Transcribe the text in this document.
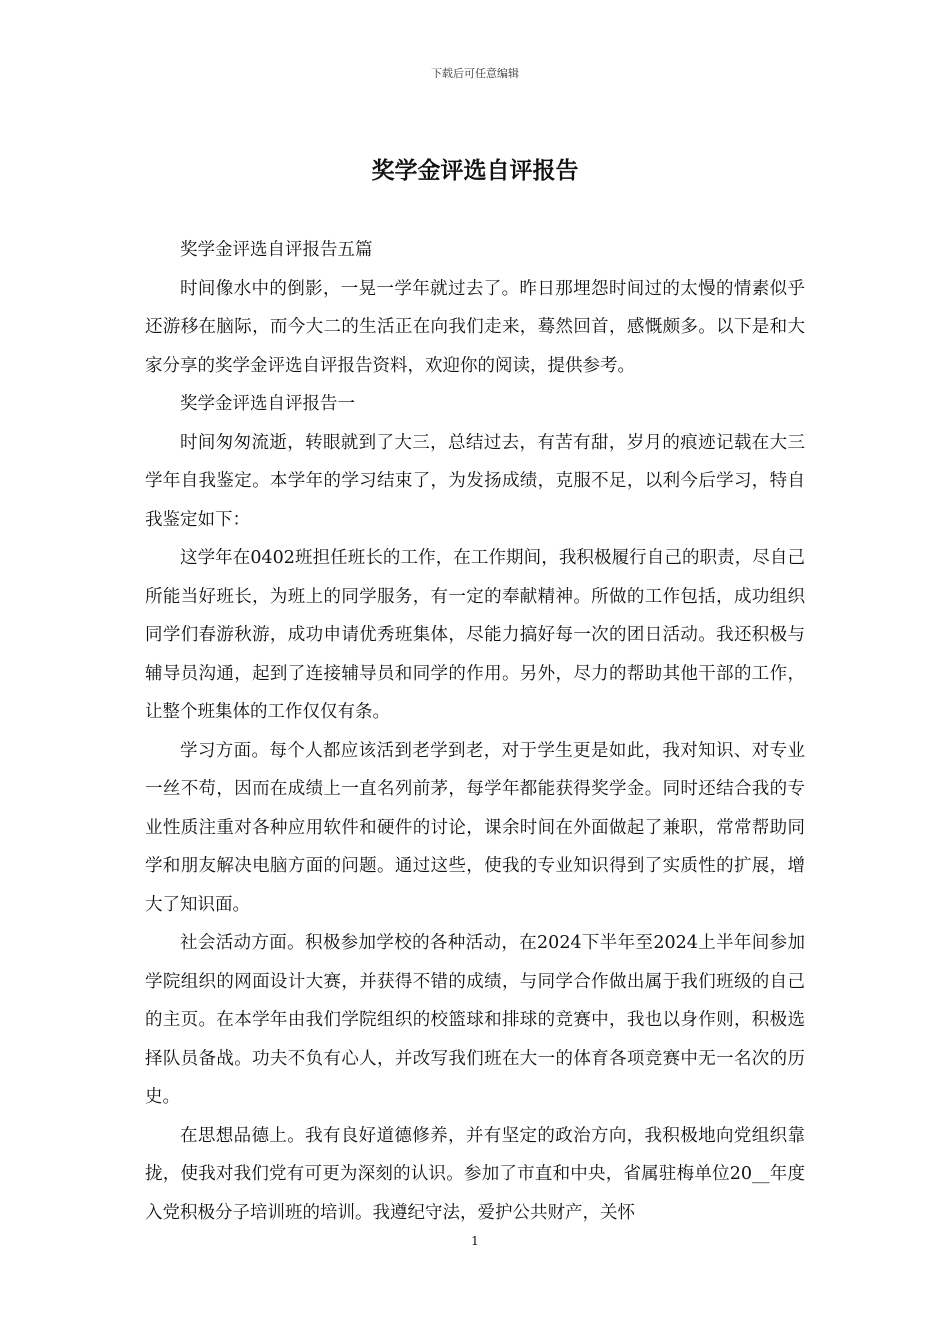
下载后可任意编辑
奖学金评选自评报告

奖学金评选自评报告五篇

时间像水中的倒影，一晃一学年就过去了。昨日那埋怨时间过的太慢的情素似乎还游移在脑际，而今大二的生活正在向我们走来，蓦然回首，感慨颇多。以下是和大家分享的奖学金评选自评报告资料，欢迎你的阅读，提供参考。

奖学金评选自评报告一

时间匆匆流逝，转眼就到了大三，总结过去，有苦有甜，岁月的痕迹记载在大三学年自我鉴定。本学年的学习结束了，为发扬成绩，克服不足，以利今后学习，特自我鉴定如下：

这学年在0402班担任班长的工作，在工作期间，我积极履行自己的职责，尽自己所能当好班长，为班上的同学服务，有一定的奉献精神。所做的工作包括，成功组织同学们春游秋游，成功申请优秀班集体，尽能力搞好每一次的团日活动。我还积极与辅导员沟通，起到了连接辅导员和同学的作用。另外，尽力的帮助其他干部的工作，让整个班集体的工作仅仅有条。

学习方面。每个人都应该活到老学到老，对于学生更是如此，我对知识、对专业一丝不苟，因而在成绩上一直名列前茅，每学年都能获得奖学金。同时还结合我的专业性质注重对各种应用软件和硬件的讨论，课余时间在外面做起了兼职，常常帮助同学和朋友解决电脑方面的问题。通过这些，使我的专业知识得到了实质性的扩展，增大了知识面。

社会活动方面。积极参加学校的各种活动，在2024下半年至2024上半年间参加学院组织的网面设计大赛，并获得不错的成绩，与同学合作做出属于我们班级的自己的主页。在本学年由我们学院组织的校篮球和排球的竞赛中，我也以身作则，积极选择队员备战。功夫不负有心人，并改写我们班在大一的体育各项竞赛中无一名次的历史。

在思想品德上。我有良好道德修养，并有坚定的政治方向，我积极地向党组织靠拢，使我对我们党有可更为深刻的认识。参加了市直和中央，省属驻梅单位20__年度入党积极分子培训班的培训。我遵纪守法，爱护公共财产，关怀

1
